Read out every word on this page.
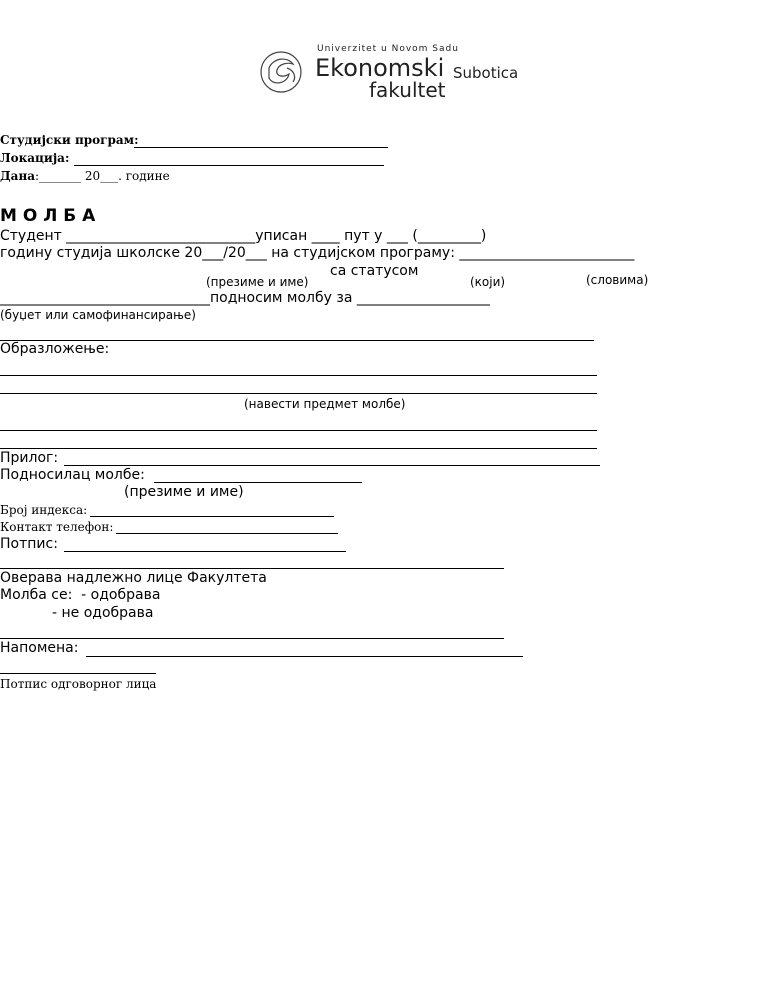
Univerzitet u Novom Sadu
Ekonomski Subotica
fakultet
Студијски програм:
Локација:
Дана:_______ 20___. године
М О Л Б А
Студент ___________________________упиcан ____ пут у ___ (_________)
годину студија школске 20___/20___ на студијском програму: _________________________
(презиме и име)
са статусом
(који)	(словима)
______________________________подносим молбу за ___________________
(буџет или самофинансирање)
Образложење:
(навести предмет молбе)
Прилог:
Подносилац молбе:
(презиме и име)
Број индекса:
Контакт телефон:
Потпис:
Оверава надлежно лице Факултета
Молба се:  - одобрава
- не одобрава
Напомена:
Потпис одговорног лица
